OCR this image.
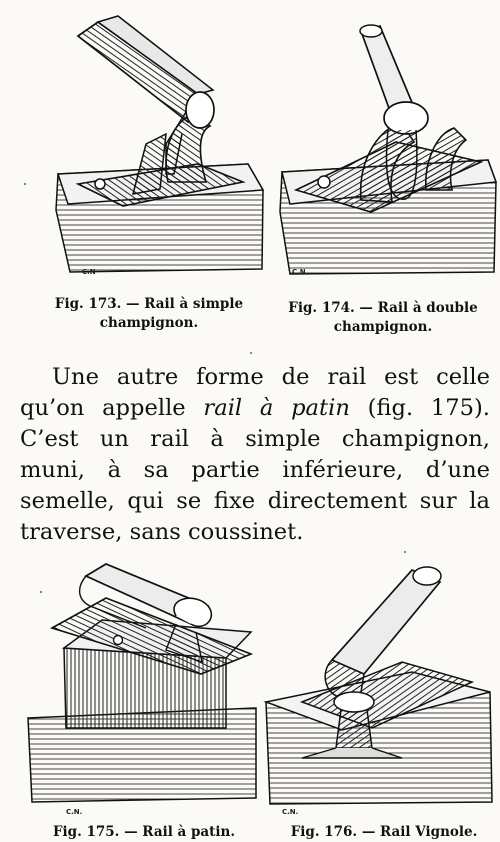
C.N	C.N.
Fig. 173. — Rail à simple
champignon.
Fig. 174. — Rail à double
champignon.

Une autre forme de rail est celle qu’on appelle rail à patin (fig. 175). C’est un rail à simple champignon, muni, à sa partie inférieure, d’une semelle, qui se fixe directement sur la traverse, sans coussinet.

C.N.	C.N.
Fig. 175. — Rail à patin.	Fig. 176. — Rail Vignole.
